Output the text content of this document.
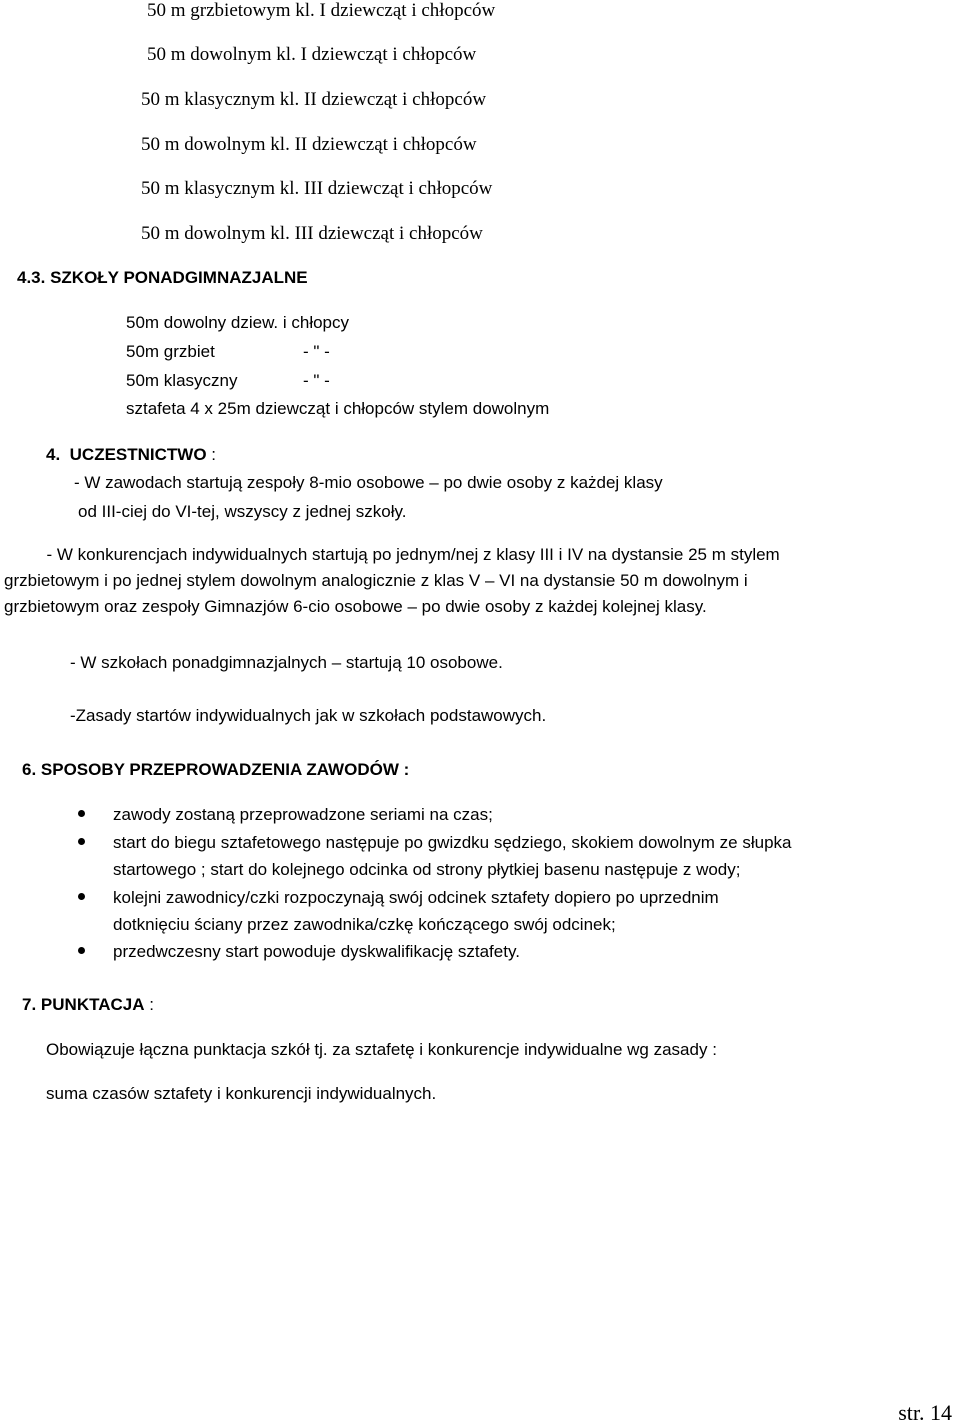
50 m grzbietowym kl. I dziewcząt i chłopców
50 m dowolnym kl. I dziewcząt i chłopców
50 m klasycznym kl. II dziewcząt i chłopców
50 m dowolnym kl. II dziewcząt i chłopców
50 m klasycznym kl. III dziewcząt i chłopców
50 m dowolnym kl. III dziewcząt i chłopców
4.3. SZKOŁY PONADGIMNAZJALNE
50m dowolny dziew. i chłopcy
50m grzbiet	- " -
50m klasyczny	- " -
sztafeta 4 x 25m dziewcząt i chłopców stylem dowolnym
4. UCZESTNICTWO :
- W zawodach startują zespoły 8-mio osobowe – po dwie osoby z każdej klasy
od III-ciej do VI-tej, wszyscy z jednej szkoły.
- W konkurencjach indywidualnych startują po jednym/nej z klasy III i IV na dystansie 25 m stylem
grzbietowym i po jednej stylem dowolnym analogicznie z klas V – VI na dystansie 50 m dowolnym i
grzbietowym oraz zespoły Gimnazjów 6-cio osobowe – po dwie osoby z każdej kolejnej klasy.
- W szkołach ponadgimnazjalnych – startują 10 osobowe.
-Zasady startów indywidualnych jak w szkołach podstawowych.
6. SPOSOBY PRZEPROWADZENIA ZAWODÓW :
zawody zostaną przeprowadzone seriami na czas;
start do biegu sztafetowego następuje po gwizdku sędziego, skokiem dowolnym ze słupka
startowego ; start do kolejnego odcinka od strony płytkiej basenu następuje z wody;
kolejni zawodnicy/czki rozpoczynają swój odcinek sztafety dopiero po uprzednim
dotknięciu ściany przez zawodnika/czkę kończącego swój odcinek;
przedwczesny start powoduje dyskwalifikację sztafety.
7. PUNKTACJA :
Obowiązuje łączna punktacja szkół tj. za sztafetę i konkurencje indywidualne wg zasady :
suma czasów sztafety i konkurencji indywidualnych.
str. 14
